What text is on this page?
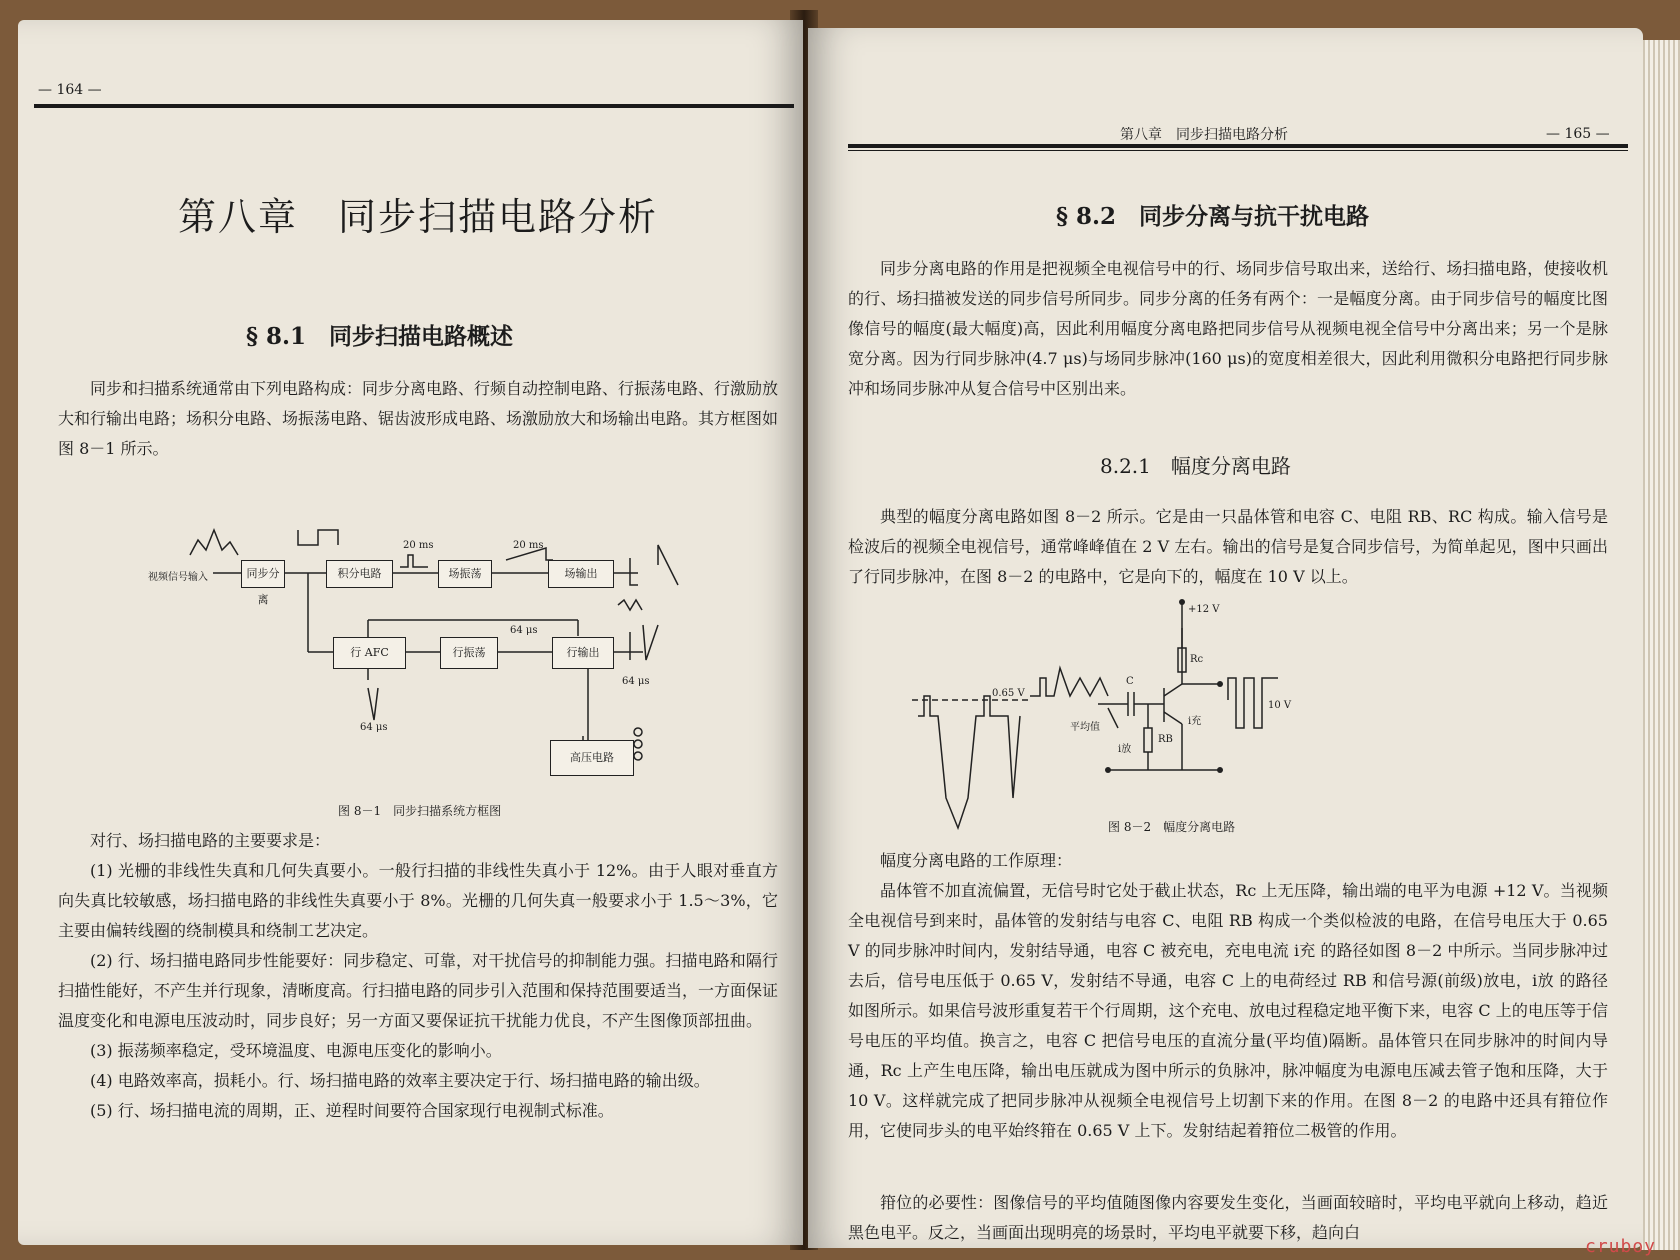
— 164 —
第八章　同步扫描电路分析
§ 8.1　同步扫描电路概述
同步和扫描系统通常由下列电路构成：同步分离电路、行频自动控制电路、行振荡电路、行激励放大和行输出电路；场积分电路、场振荡电路、锯齿波形成电路、场激励放大和场输出电路。其方框图如图 8－1 所示。
视频信号输入	同步分离
积分电路	场振荡	场输出
行 AFC	行振荡	行输出
高压电路
20 ms	20 ms
64 μs
64 μs
64 μs
图 8－1　同步扫描系统方框图
对行、场扫描电路的主要要求是：

(1) 光栅的非线性失真和几何失真要小。一般行扫描的非线性失真小于 12%。由于人眼对垂直方向失真比较敏感，场扫描电路的非线性失真要小于 8%。光栅的几何失真一般要求小于 1.5～3%，它主要由偏转线圈的绕制模具和绕制工艺决定。

(2) 行、场扫描电路同步性能要好：同步稳定、可靠，对干扰信号的抑制能力强。扫描电路和隔行扫描性能好，不产生并行现象，清晰度高。行扫描电路的同步引入范围和保持范围要适当，一方面保证温度变化和电源电压波动时，同步良好；另一方面又要保证抗干扰能力优良，不产生图像顶部扭曲。

(3) 振荡频率稳定，受环境温度、电源电压变化的影响小。

(4) 电路效率高，损耗小。行、场扫描电路的效率主要决定于行、场扫描电路的输出级。

(5) 行、场扫描电流的周期，正、逆程时间要符合国家现行电视制式标准。

第八章　同步扫描电路分析	— 165 —
§ 8.2　同步分离与抗干扰电路
同步分离电路的作用是把视频全电视信号中的行、场同步信号取出来，送给行、场扫描电路，使接收机的行、场扫描被发送的同步信号所同步。同步分离的任务有两个：一是幅度分离。由于同步信号的幅度比图像信号的幅度(最大幅度)高，因此利用幅度分离电路把同步信号从视频电视全信号中分离出来；另一个是脉宽分离。因为行同步脉冲(4.7 μs)与场同步脉冲(160 μs)的宽度相差很大，因此利用微积分电路把行同步脉冲和场同步脉冲从复合信号中区别出来。
8.2.1　幅度分离电路
典型的幅度分离电路如图 8－2 所示。它是由一只晶体管和电容 C、电阻 RB、RC 构成。输入信号是检波后的视频全电视信号，通常峰峰值在 2 V 左右。输出的信号是复合同步信号，为简单起见，图中只画出了行同步脉冲，在图 8－2 的电路中，它是向下的，幅度在 10 V 以上。
+12 V
Rc
RB
C
0.65 V
平均值
i充
i放
10 V
图 8－2　幅度分离电路
幅度分离电路的工作原理：
晶体管不加直流偏置，无信号时它处于截止状态，Rc 上无压降，输出端的电平为电源 +12 V。当视频全电视信号到来时，晶体管的发射结与电容 C、电阻 RB 构成一个类似检波的电路，在信号电压大于 0.65 V 的同步脉冲时间内，发射结导通，电容 C 被充电，充电电流 i充 的路径如图 8－2 中所示。当同步脉冲过去后，信号电压低于 0.65 V，发射结不导通，电容 C 上的电荷经过 RB 和信号源(前级)放电，i放 的路径如图所示。如果信号波形重复若干个行周期，这个充电、放电过程稳定地平衡下来，电容 C 上的电压等于信号电压的平均值。换言之，电容 C 把信号电压的直流分量(平均值)隔断。晶体管只在同步脉冲的时间内导通，Rc 上产生电压降，输出电压就成为图中所示的负脉冲，脉冲幅度为电源电压减去管子饱和压降，大于 10 V。这样就完成了把同步脉冲从视频全电视信号上切割下来的作用。在图 8－2 的电路中还具有箝位作用，它使同步头的电平始终箝在 0.65 V 上下。发射结起着箝位二极管的作用。
箝位的必要性：图像信号的平均值随图像内容要发生变化，当画面较暗时，平均电平就向上移动，趋近黑色电平。反之，当画面出现明亮的场景时，平均电平就要下移，趋向白
cruboy
